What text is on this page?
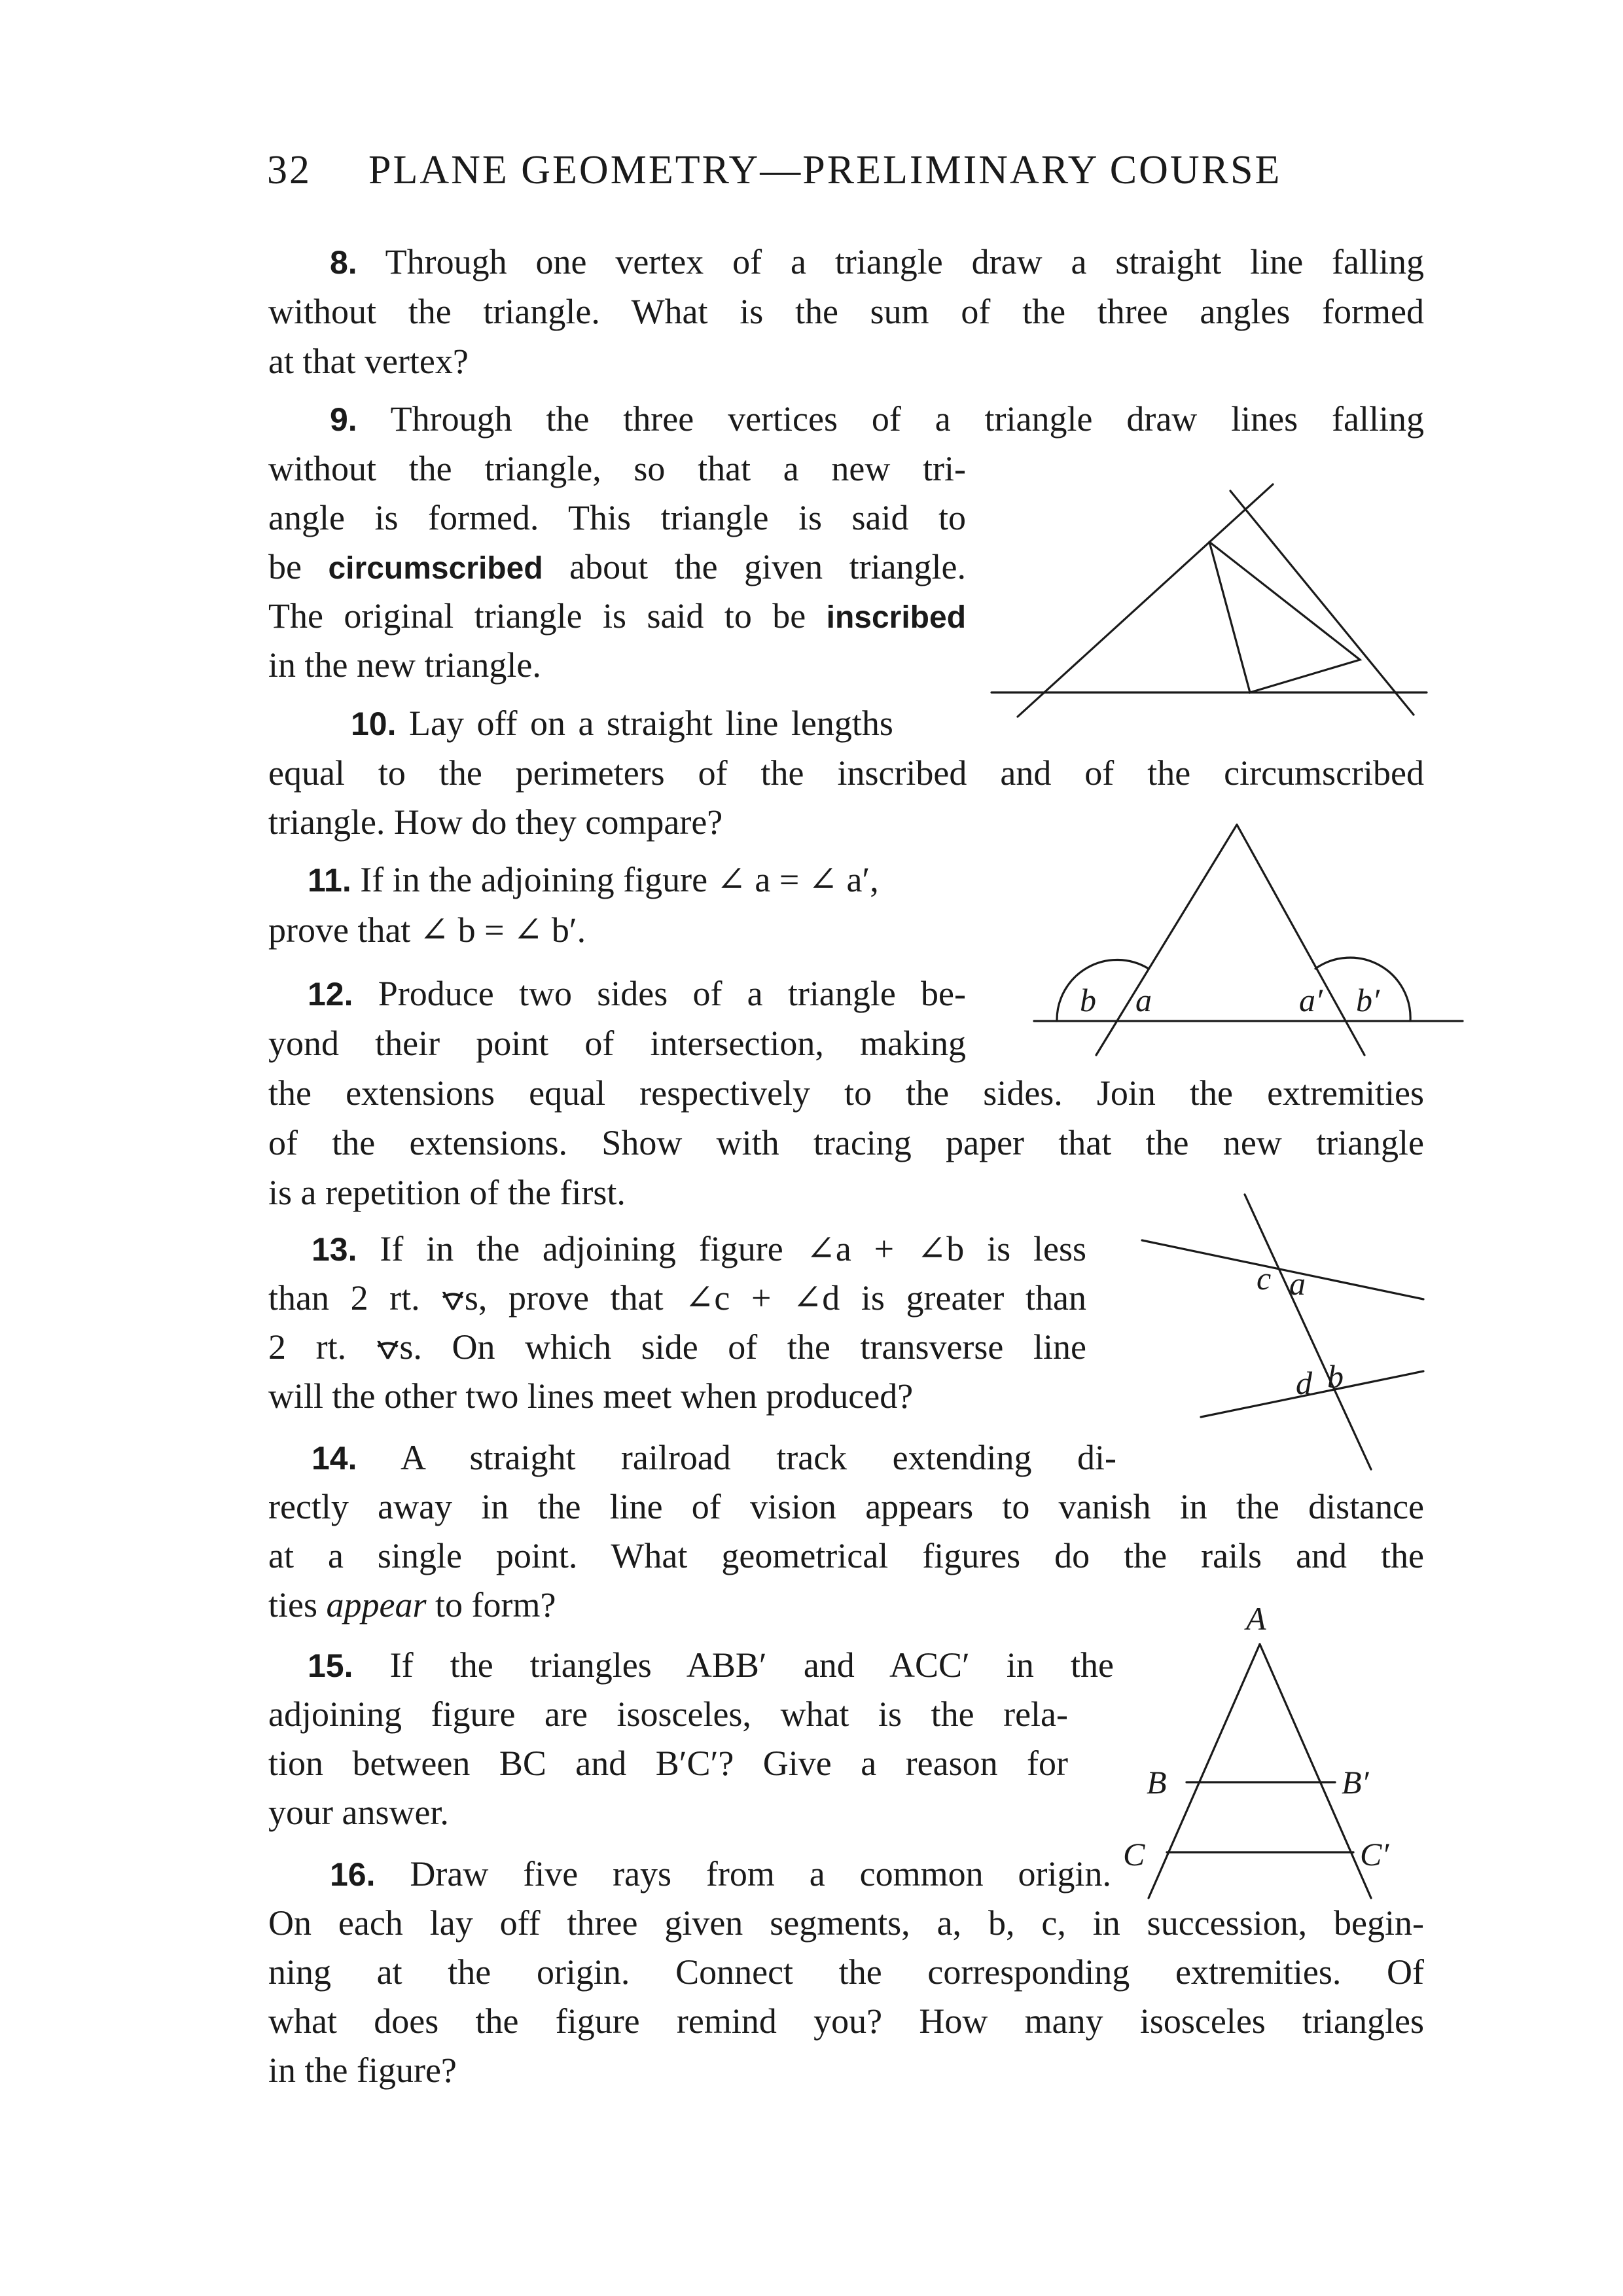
32 PLANE GEOMETRY—PRELIMINARY COURSE
8. Through one vertex of a triangle draw a straight line falling
without the triangle. What is the sum of the three angles formed
at that vertex?
9. Through the three vertices of a triangle draw lines falling
without the triangle, so that a new tri-
angle is formed. This triangle is said to
be circumscribed about the given triangle.
The original triangle is said to be inscribed
in the new triangle.
10. Lay off on a straight line lengths
equal to the perimeters of the inscribed and of the circumscribed
triangle. How do they compare?
11. If in the adjoining figure ∠ a = ∠ a′,
prove that ∠ b = ∠ b′.
12. Produce two sides of a triangle be-
yond their point of intersection, making
the extensions equal respectively to the sides. Join the extremities
of the extensions. Show with tracing paper that the new triangle
is a repetition of the first.
13. If in the adjoining figure ∠a + ∠b is less
than 2 rt. ⦡s, prove that ∠c + ∠d is greater than
2 rt. ⦡s. On which side of the transverse line
will the other two lines meet when produced?
14. A straight railroad track extending di-
rectly away in the line of vision appears to vanish in the distance
at a single point. What geometrical figures do the rails and the
ties appear to form?
15. If the triangles ABB′ and ACC′ in the
adjoining figure are isosceles, what is the rela-
tion between BC and B′C′? Give a reason for
your answer.
16. Draw five rays from a common origin.
On each lay off three given segments, a, b, c, in succession, begin-
ning at the origin. Connect the corresponding extremities. Of
what does the figure remind you? How many isosceles triangles
in the figure?
b a	a′ b′
c a
d b
A
B	B′
C	C′
